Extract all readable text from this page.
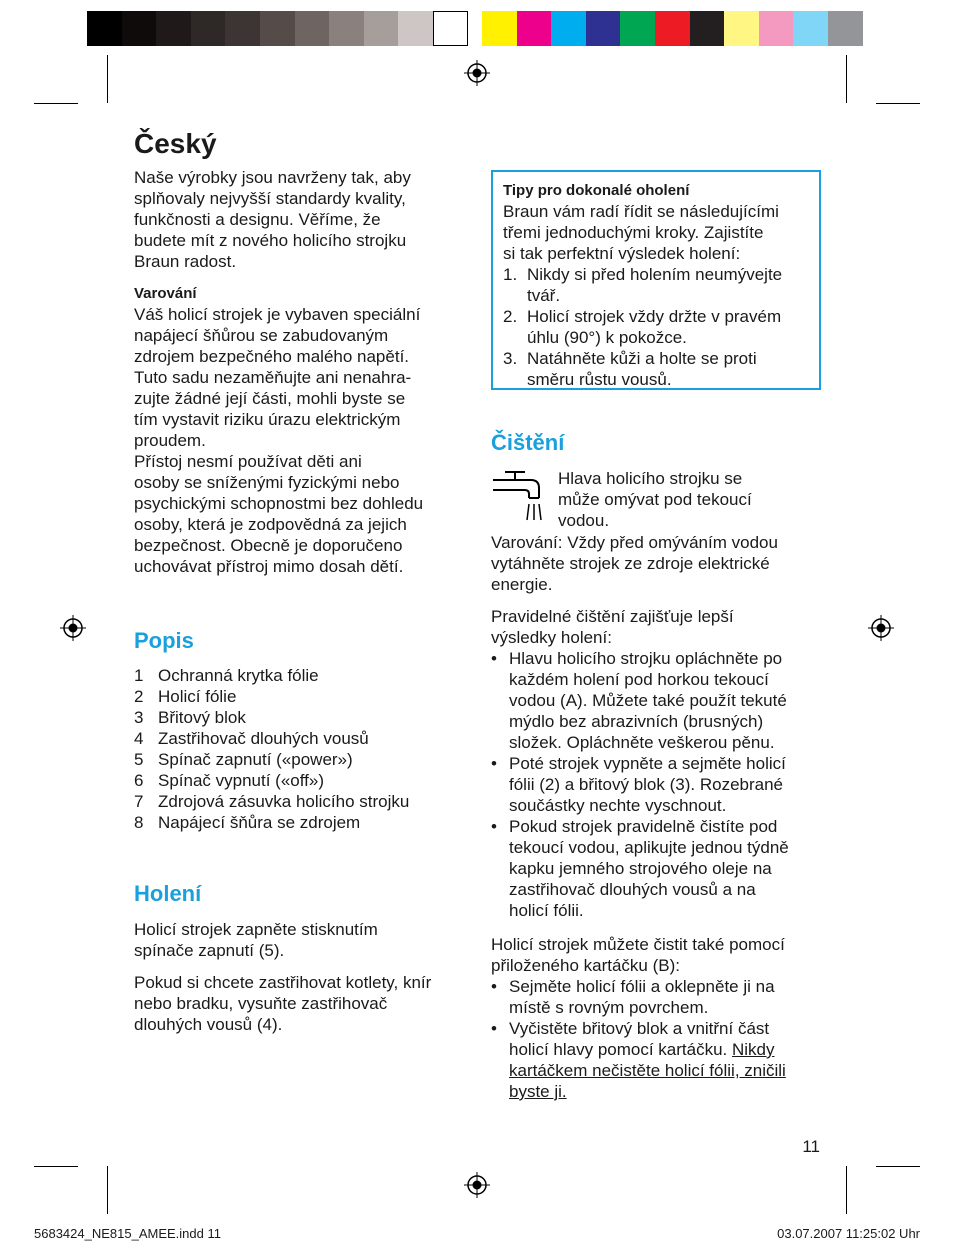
Český
Naše výrobky jsou navrženy tak, aby
splňovaly nejvyšší standardy kvality,
funkčnosti a designu. Věříme, že
budete mít z nového holicího strojku
Braun radost.
Varování
Váš holicí strojek je vybaven speciální
napájecí šňůrou se zabudovaným
zdrojem bezpečného malého napětí.
Tuto sadu nezaměňujte ani nenahra-
zujte žádné její části, mohli byste se
tím vystavit riziku úrazu elektrickým
proudem.
Přístoj nesmí používat děti ani
osoby se sníženými fyzickými nebo
psychickými schopnostmi bez dohledu
osoby, která je zodpovědná za jejich
bezpečnost. Obecně je doporučeno
uchovávat přístroj mimo dosah dětí.
Popis
1 Ochranná krytka fólie
2 Holicí fólie
3 Břitový blok
4 Zastřihovač dlouhých vousů
5 Spínač zapnutí («power»)
6 Spínač vypnutí («off»)
7 Zdrojová zásuvka holicího strojku
8 Napájecí šňůra se zdrojem
Holení
Holicí strojek zapněte stisknutím
spínače zapnutí (5).
Pokud si chcete zastřihovat kotlety, knír
nebo bradku, vysuňte zastřihovač
dlouhých vousů (4).
Tipy pro dokonalé oholení
Braun vám radí řídit se následujícími
třemi jednoduchými kroky. Zajistíte
si tak perfektní výsledek holení:
1. Nikdy si před holením neumývejte
tvář.
2. Holicí strojek vždy držte v pravém
úhlu (90°) k pokožce.
3. Natáhněte kůži a holte se proti
směru růstu vousů.
Čištění
Hlava holicího strojku se
může omývat pod tekoucí
vodou.
Varování: Vždy před omýváním vodou
vytáhněte strojek ze zdroje elektrické
energie.
Pravidelné čištění zajišťuje lepší
výsledky holení:
• Hlavu holicího strojku opláchněte po
každém holení pod horkou tekoucí
vodou (A). Můžete také použít tekuté
mýdlo bez abrazivních (brusných)
složek. Opláchněte veškerou pěnu.
• Poté strojek vypněte a sejměte holicí
fólii (2) a břitový blok (3). Rozebrané
součástky nechte vyschnout.
• Pokud strojek pravidelně čistíte pod
tekoucí vodou, aplikujte jednou týdně
kapku jemného strojového oleje na
zastřihovač dlouhých vousů a na
holicí fólii.
Holicí strojek můžete čistit také pomocí
přiloženého kartáčku (B):
• Sejměte holicí fólii a oklepněte ji na
místě s rovným povrchem.
• Vyčistěte břitový blok a vnitřní část
holicí hlavy pomocí kartáčku. Nikdy
kartáčkem nečistěte holicí fólii, zničili
byste ji.
11
5683424_NE815_AMEE.indd 11	03.07.2007 11:25:02 Uhr
